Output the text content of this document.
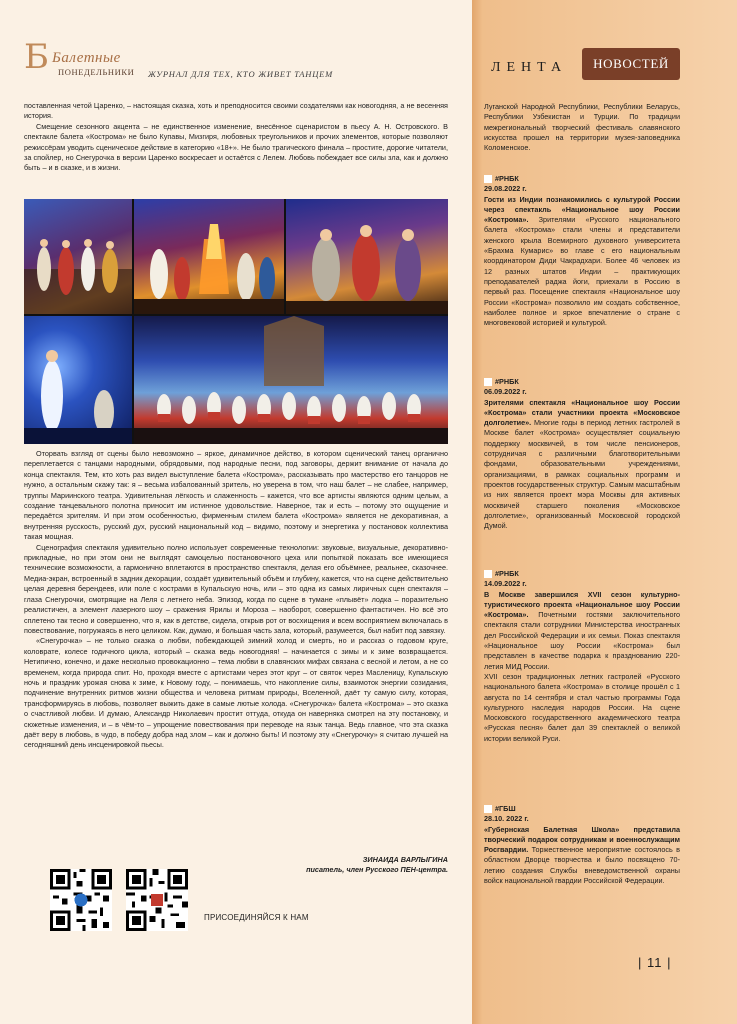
Б Балетные
ПОНЕДЕЛЬНИКИ ЖУРНАЛ ДЛЯ ТЕХ, КТО ЖИВЕТ ТАНЦЕМ

поставленная четой Царенко, – настоящая сказка, хоть и преподносится своими создателями как новогодняя, а не весенняя история.

Смещение сезонного акцента – не единственное изменение, внесённое сценаристом в пьесу А. Н. Островского. В спектакле балета «Кострома» не было Купавы, Мизгиря, любовных треугольников и прочих элементов, которые позволяют режиссёрам уводить сценическое действие в категорию «18+». Не было трагического финала – простите, дорогие читатели, за спойлер, но Снегурочка в версии Царенко воскресает и остаётся с Лелем. Любовь побеждает все силы зла, как и должно быть – и в сказке, и в жизни.

Оторвать взгляд от сцены было невозможно – яркое, динамичное действо, в котором сценический танец органично переплетается с танцами народными, обрядовыми, под народные песни, под заговоры, держит внимание от начала до конца спектакля. Тем, кто хоть раз видел выступление балета «Кострома», рассказывать про мастерство его танцоров не нужно, а остальным скажу так: я – весьма избалованный зритель, но уверена в том, что наш балет – не слабее, например, труппы Мариинского театра. Удивительная лёгкость и слаженность – кажется, что все артисты являются одним целым, а создание танцевального полотна приносит им истинное удовольствие. Наверное, так и есть – потому это ощущение и передаётся зрителям. И при этом особенностью, фирменным стилем балета «Кострома» является не декоративная, а внутренняя русскость, русский дух, русский национальный код – видимо, поэтому и энергетика у постановок коллектива такая мощная.

Сценография спектакля удивительно полно использует современные технологии: звуковые, визуальные, декоративно-прикладные, но при этом они не выглядят самоцелью постановочного цеха или попыткой показать все имеющиеся технические возможности, а гармонично вплетаются в пространство спектакля, делая его объёмнее, реальнее, сказочнее. Медиа-экран, встроенный в задник декорации, создаёт удивительный объём и глубину, кажется, что на сцене действительно целая деревня берендеев, или поле с кострами в Купальскую ночь, или – это одна из самых лиричных сцен спектакля – глаза Снегурочки, смотрящие на Леля с летнего неба. Эпизод, когда по сцене в тумане «плывёт» лодка – поразительно реалистичен, а элемент лазерного шоу – сражения Ярилы и Мороза – наоборот, совершенно фантастичен. Но всё это сплетено так тесно и совершенно, что я, как в детстве, сидела, открыв рот от восхищения и всем восприятием включалась в повествование, погружаясь в него целиком. Как, думаю, и большая часть зала, который, разумеется, был набит под завязку.

«Снегурочка» – не только сказка о любви, побеждающей зимний холод и смерть, но и рассказ о годовом круге, коловрате, колесе годичного цикла, который – сказка ведь новогодняя! – начинается с зимы и к зиме возвращается. Нетипично, конечно, и даже несколько провокационно – тема любви в славянских мифах связана с весной и летом, а не со временем, когда природа спит. Но, проходя вместе с артистами через этот круг – от святок через Масленицу, Купальскую ночь и праздник урожая снова к зиме, к Новому году, – понимаешь, что накопление силы, взаимоток энергии созидания, подчинение внутренних ритмов жизни общества и человека ритмам природы, Вселенной, даёт ту самую силу, которая, трансформируясь в любовь, позволяет выжить даже в самые лютые холода. «Снегурочка» балета «Кострома» – это сказка о счастливой любви. И думаю, Александр Николаевич простит оттуда, откуда он наверняка смотрел на эту постановку, и сюжетные изменения, и – в чём-то – упрощение повествования при переводе на язык танца. Ведь главное, что эта сказка даёт веру в любовь, в чудо, в победу добра над злом – как и должно быть! И поэтому эту «Снегурочку» я считаю лучшей на сегодняшний день инсценировкой пьесы.

ЗИНАИДА ВАРЛЫГИНА
писатель, член Русского ПЕН-центра.
ПРИСОЕДИНЯЙСЯ К НАМ
ЛЕНТА	НОВОСТЕЙ
Луганской Народной Республики, Республики Беларусь, Республики Узбекистан и Турции. По традиции межрегиональный творческий фестиваль славянского искусства прошел на территории музея-заповедника Коломенское.
#РНБК
29.08.2022 г.
Гости из Индии познакомились с культурой России через спектакль «Национальное шоу России «Кострома». Зрителями «Русского национального балета «Кострома» стали члены и представители женского крыла Всемирного духовного университета «Брахма Кумарис» во главе с его национальным координатором Диди Чакрадхари. Более 46 человек из 12 разных штатов Индии – практикующих преподавателей раджа йоги, приехали в Россию в первый раз. Посещение спектакля «Национальное шоу России «Кострома» позволило им создать собственное, наиболее полное и яркое впечатление о стране с многовековой историей и культурой.
#РНБК
06.09.2022 г.
Зрителями спектакля «Национальное шоу России «Кострома» стали участники проекта «Московское долголетие». Многие годы в период летних гастролей в Москве балет «Кострома» осуществляет социальную поддержку москвичей, в том числе пенсионеров, сотрудничая с различными благотворительными фондами, образовательными учреждениями, организациями, в рамках социальных программ и проектов государственных структур. Самым масштабным из них является проект мэра Москвы для активных москвичей старшего поколения «Московское долголетие», организованный Московской городской Думой.
#РНБК
14.09.2022 г.
В Москве завершился XVII сезон культурно-туристического проекта «Национальное шоу России «Кострома». Почетными гостями заключительного спектакля стали сотрудники Министерства иностранных дел Российской Федерации и их семьи. Показ спектакля «Национальное шоу России «Кострома» был представлен в качестве подарка к празднованию 220-летия МИД России.
XVII сезон традиционных летних гастролей «Русского национального балета «Кострома» в столице прошёл с 1 августа по 14 сентября и стал частью программы Года культурного наследия народов России. На сцене Московского государственного академического театра «Русская песня» балет дал 39 спектаклей о великой истории великой Руси.
#ГБШ
28.10. 2022 г.
«Губернская Балетная Школа» представила творческий подарок сотрудникам и военнослужащим Росгвардии. Торжественное мероприятие состоялось в областном Дворце творчества и было посвящено 70-летию создания Службы вневедомственной охраны войск национальной гвардии Российской Федерации.
| 11 |
